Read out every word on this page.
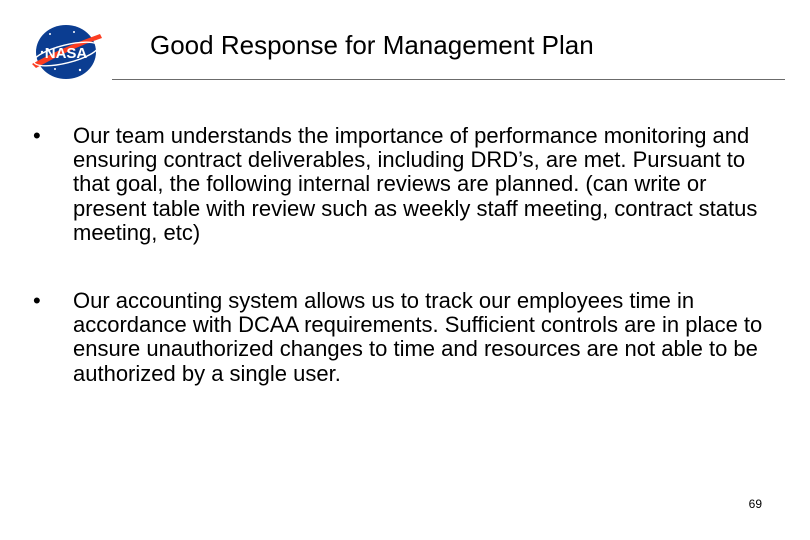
NASA Good Response for Management Plan
•	Our team understands the importance of performance monitoring and ensuring contract deliverables, including DRD’s, are met. Pursuant to that goal, the following internal reviews are planned. (can write or present table with review such as weekly staff meeting, contract status meeting, etc)
•	Our accounting system allows us to track our employees time in accordance with DCAA requirements. Sufficient controls are in place to ensure unauthorized changes to time and resources are not able to be authorized by a single user.
69
